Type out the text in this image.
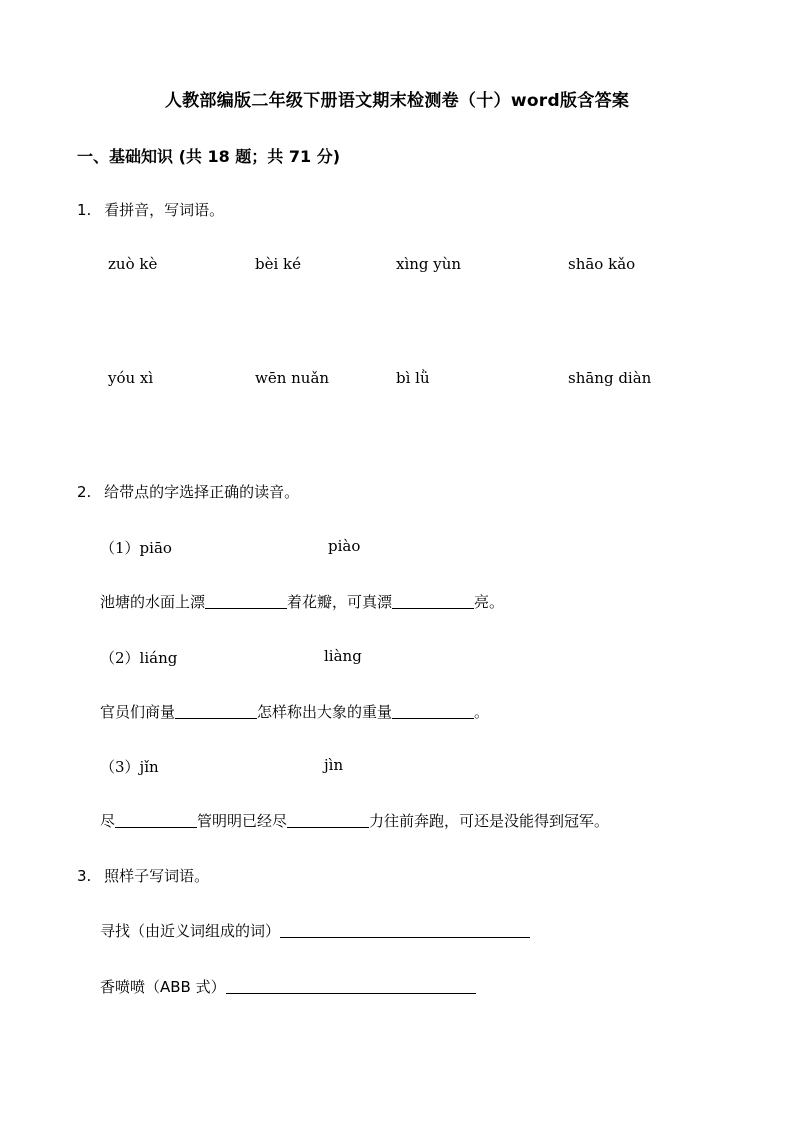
人教部编版二年级下册语文期末检测卷（十）word版含答案
一、基础知识 (共 18 题；共 71 分)
1. 看拼音，写词语。
zuò kè	bèi ké	xìng yùn	shāo kǎo
yóu xì	wēn nuǎn	bì lǜ	shāng diàn
2. 给带点的字选择正确的读音。
（1）piāo	piào
池塘的水面上漂	着花瓣，可真漂	亮。
（2）liáng	liàng
官员们商量	怎样称出大象的重量	。
（3）jǐn	jìn
尽	管明明已经尽	力往前奔跑，可还是没能得到冠军。
3. 照样子写词语。
寻找（由近义词组成的词）
香喷喷（ABB 式）
